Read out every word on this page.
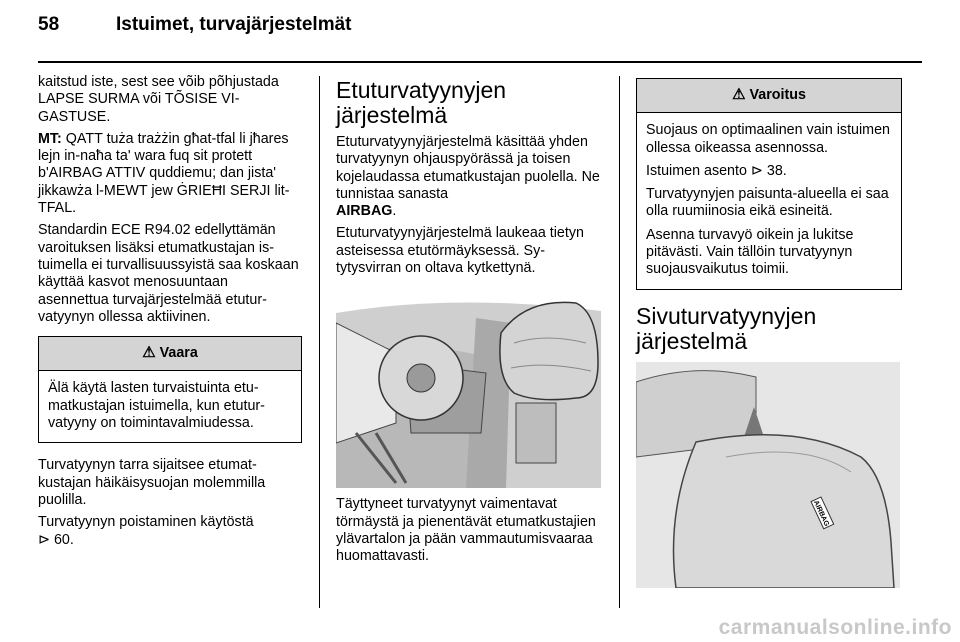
58	Istuimet, turvajärjestelmät

kaitstud iste, sest see võib põhjustada LAPSE SURMA või TÕSISE VIGASTUSE.

MT: QATT tuża trażżin għat-tfal li jħares lejn in-naħa ta' wara fuq sit protett b'AIRBAG ATTIV quddiemu; dan jista' jikkawża l-MEWT jew ĠRIEĦI SERJI lit-TFAL.

Standardin ECE R94.02 edellyttämän varoituksen lisäksi etumatkustajan istuimella ei turvallisuussyistä saa koskaan käyttää kasvot menosuuntaan asennettua turvajärjestelmää etuturvatyynyn ollessa aktiivinen.

⚠ Vaara

Älä käytä lasten turvaistuinta etumatkustajan istuimella, kun etuturvatyyny on toimintavalmiudessa.

Turvatyynyn tarra sijaitsee etumatkustajan häikäisysuojan molemmilla puolilla.

Turvatyynyn poistaminen käytöstä
⊳ 60.

Etuturvatyynyjen järjestelmä

Etuturvatyynyjärjestelmä käsittää yhden turvatyynyn ohjauspyörässä ja toisen kojelaudassa etumatkustajan puolella. Ne tunnistaa sanasta
AIRBAG.

Etuturvatyynyjärjestelmä laukeaa tietyn asteisessa etutörmäyksessä. Sytytysvirran on oltava kytkettynä.

Täyttyneet turvatyynyt vaimentavat törmäystä ja pienentävät etumatkustajien ylävartalon ja pään vammautumisvaaraa huomattavasti.

⚠ Varoitus

Suojaus on optimaalinen vain istuimen ollessa oikeassa asennossa.

Istuimen asento ⊳ 38.

Turvatyynyjen paisunta-alueella ei saa olla ruumiinosia eikä esineitä.

Asenna turvavyö oikein ja lukitse pitävästi. Vain tällöin turvatyynyn suojausvaikutus toimii.

Sivuturvatyynyjen järjestelmä
AIRBAG
carmanualsonline.info
